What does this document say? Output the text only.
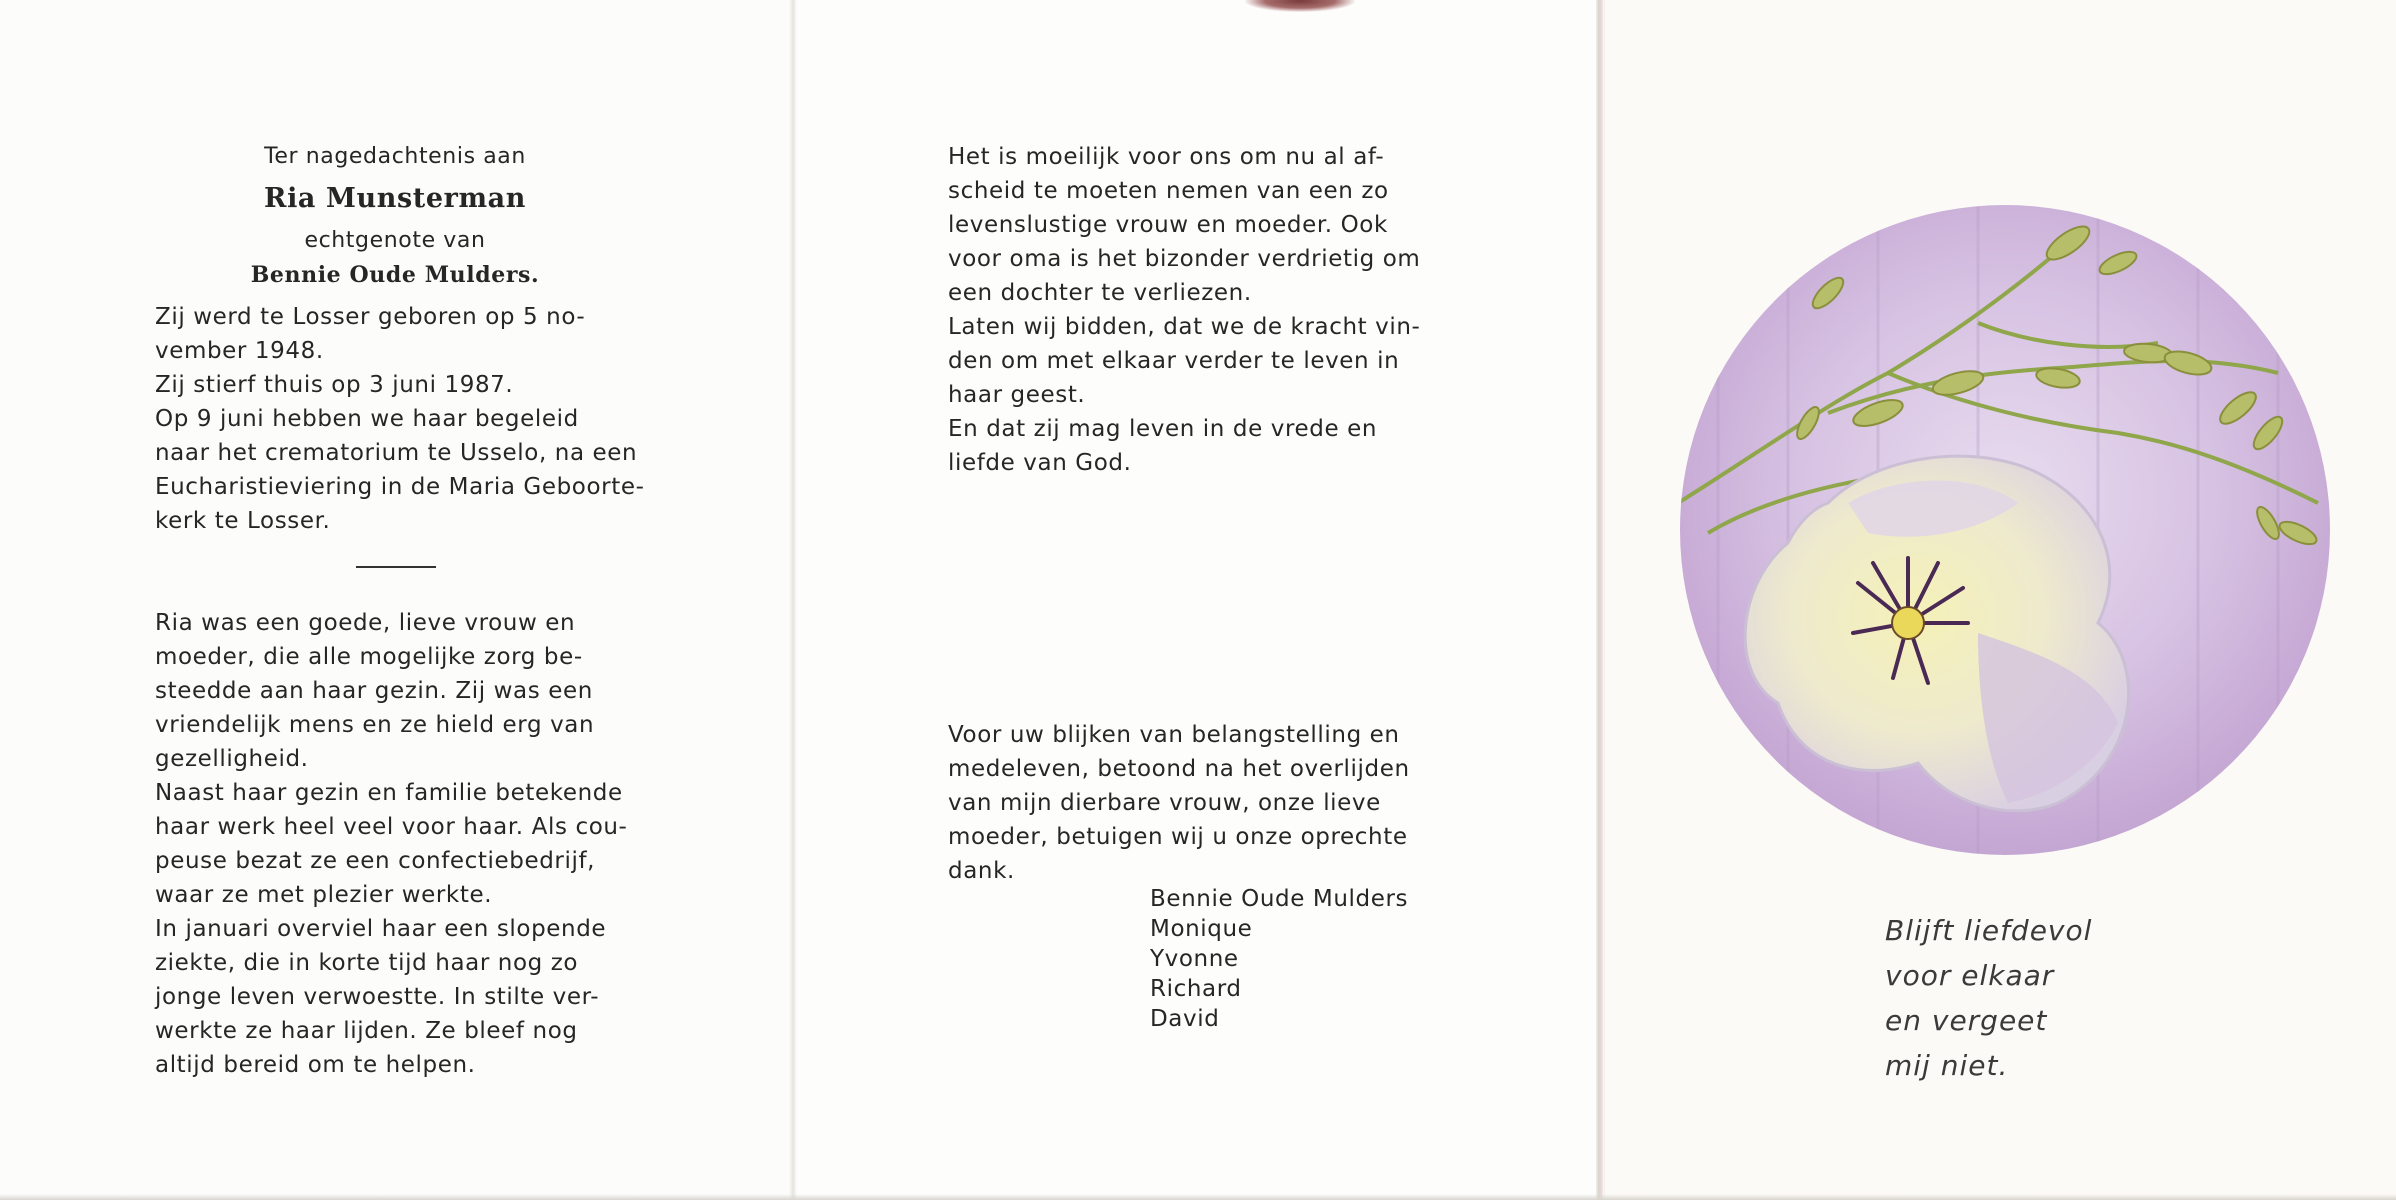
Ter nagedachtenis aan
Ria Munsterman
echtgenote van
Bennie Oude Mulders.
Zij werd te Losser geboren op 5 no-
vember 1948.
Zij stierf thuis op 3 juni 1987.
Op 9 juni hebben we haar begeleid
naar het crematorium te Usselo, na een
Eucharistieviering in de Maria Geboorte-
kerk te Losser.
Ria was een goede, lieve vrouw en
moeder, die alle mogelijke zorg be-
steedde aan haar gezin. Zij was een
vriendelijk mens en ze hield erg van
gezelligheid.
Naast haar gezin en familie betekende
haar werk heel veel voor haar. Als cou-
peuse bezat ze een confectiebedrijf,
waar ze met plezier werkte.
In januari overviel haar een slopende
ziekte, die in korte tijd haar nog zo
jonge leven verwoestte. In stilte ver-
werkte ze haar lijden. Ze bleef nog
altijd bereid om te helpen.
Het is moeilijk voor ons om nu al af-
scheid te moeten nemen van een zo
levenslustige vrouw en moeder. Ook
voor oma is het bizonder verdrietig om
een dochter te verliezen.
Laten wij bidden, dat we de kracht vin-
den om met elkaar verder te leven in
haar geest.
En dat zij mag leven in de vrede en
liefde van God.
Voor uw blijken van belangstelling en
medeleven, betoond na het overlijden
van mijn dierbare vrouw, onze lieve
moeder, betuigen wij u onze oprechte
dank.
Bennie Oude Mulders
Monique
Yvonne
Richard
David
Blijft liefdevol
voor elkaar
en vergeet
mij niet.
